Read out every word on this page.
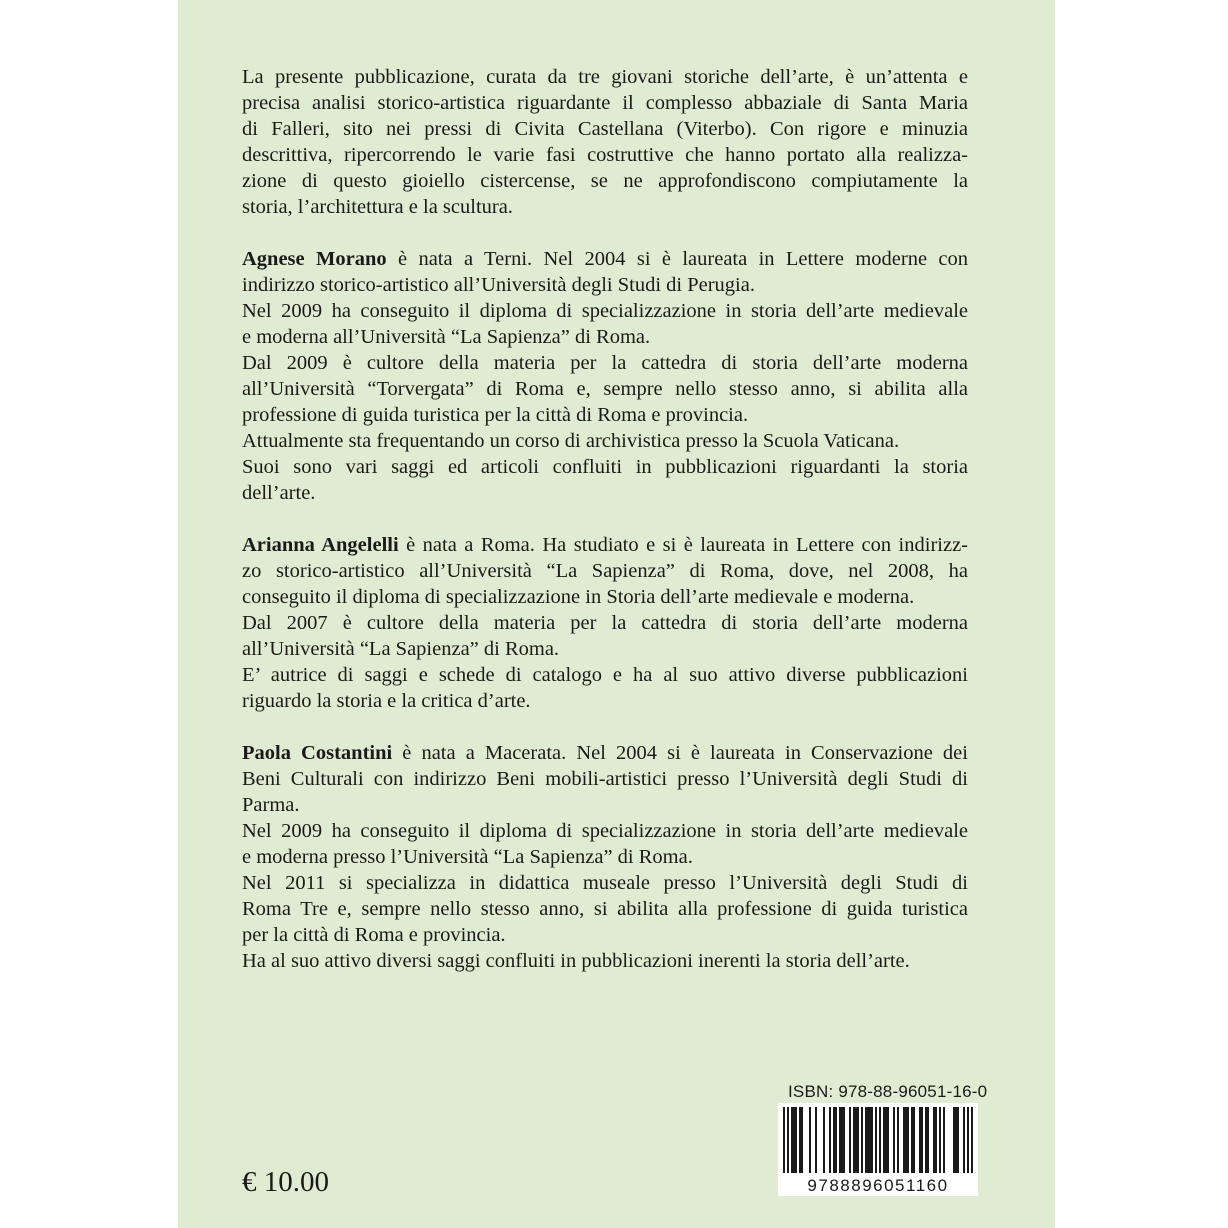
La presente pubblicazione, curata da tre giovani storiche dell’arte, è un’attenta e
precisa analisi storico-artistica riguardante il complesso abbaziale di Santa Maria
di Falleri, sito nei pressi di Civita Castellana (Viterbo). Con rigore e minuzia
descrittiva, ripercorrendo le varie fasi costruttive che hanno portato alla realizza-
zione di questo gioiello cistercense, se ne approfondiscono compiutamente la
storia, l’architettura e la scultura.
Agnese Morano è nata a Terni. Nel 2004 si è laureata in Lettere moderne con
indirizzo storico-artistico all’Università degli Studi di Perugia.
Nel 2009 ha conseguito il diploma di specializzazione in storia dell’arte medievale
e moderna all’Università “La Sapienza” di Roma.
Dal 2009 è cultore della materia per la cattedra di storia dell’arte moderna
all’Università “Torvergata” di Roma e, sempre nello stesso anno, si abilita alla
professione di guida turistica per la città di Roma e provincia.
Attualmente sta frequentando un corso di archivistica presso la Scuola Vaticana.
Suoi sono vari saggi ed articoli confluiti in pubblicazioni riguardanti la storia
dell’arte.
Arianna Angelelli è nata a Roma. Ha studiato e si è laureata in Lettere con indirizz-
zo storico-artistico all’Università “La Sapienza” di Roma, dove, nel 2008, ha
conseguito il diploma di specializzazione in Storia dell’arte medievale e moderna.
Dal 2007 è cultore della materia per la cattedra di storia dell’arte moderna
all’Università “La Sapienza” di Roma.
E’ autrice di saggi e schede di catalogo e ha al suo attivo diverse pubblicazioni
riguardo la storia e la critica d’arte.
Paola Costantini è nata a Macerata. Nel 2004 si è laureata in Conservazione dei
Beni Culturali con indirizzo Beni mobili-artistici presso l’Università degli Studi di
Parma.
Nel 2009 ha conseguito il diploma di specializzazione in storia dell’arte medievale
e moderna presso l’Università “La Sapienza” di Roma.
Nel 2011 si specializza in didattica museale presso l’Università degli Studi di
Roma Tre e, sempre nello stesso anno, si abilita alla professione di guida turistica
per la città di Roma e provincia.
Ha al suo attivo diversi saggi confluiti in pubblicazioni inerenti la storia dell’arte.
ISBN: 978-88-96051-16-0
9788896051160
€ 10.00
